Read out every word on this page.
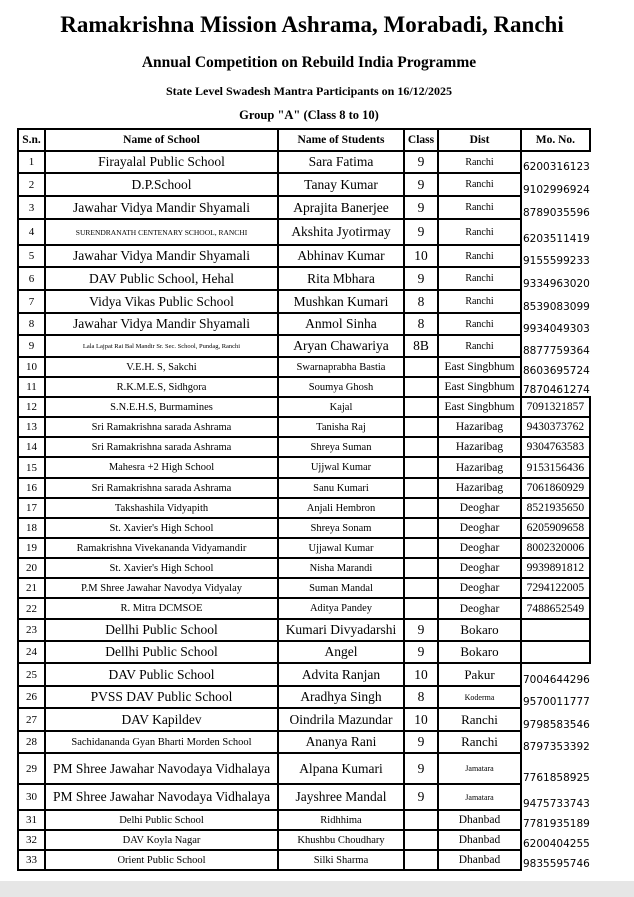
Ramakrishna Mission Ashrama, Morabadi, Ranchi
Annual Competition on Rebuild India Programme
State Level Swadesh Mantra Participants on 16/12/2025
Group "A" (Class 8 to 10)
S.n.	Name of School	Name of Students	Class	Dist	Mo. No.
1	Firayalal Public School	Sara Fatima	9	Ranchi	6200316123
2	D.P.School	Tanay Kumar	9	Ranchi	9102996924
3	Jawahar Vidya Mandir Shyamali	Aprajita Banerjee	9	Ranchi	8789035596
4	SURENDRANATH CENTENARY SCHOOL, RANCHI	Akshita Jyotirmay	9	Ranchi	6203511419
5	Jawahar Vidya Mandir Shyamali	Abhinav Kumar	10	Ranchi	9155599233
6	DAV Public School, Hehal	Rita Mbhara	9	Ranchi	9334963020
7	Vidya Vikas Public School	Mushkan Kumari	8	Ranchi	8539083099
8	Jawahar Vidya Mandir Shyamali	Anmol Sinha	8	Ranchi	9934049303
9	Lala Lajpat Rai Bal Mandir Sr. Sec. School, Pundag, Ranchi	Aryan Chawariya	8B	Ranchi	8877759364
10	V.E.H. S, Sakchi	Swarnaprabha Bastia		East Singbhum	8603695724
11	R.K.M.E.S, Sidhgora	Soumya Ghosh		East Singbhum	7870461274
12	S.N.E.H.S, Burmamines	Kajal		East Singbhum	7091321857
13	Sri Ramakrishna sarada Ashrama	Tanisha Raj		Hazaribag	9430373762
14	Sri Ramakrishna sarada Ashrama	Shreya Suman		Hazaribag	9304763583
15	Mahesra +2 High School	Ujjwal Kumar		Hazaribag	9153156436
16	Sri Ramakrishna sarada Ashrama	Sanu Kumari		Hazaribag	7061860929
17	Takshashila Vidyapith	Anjali Hembron		Deoghar	8521935650
18	St. Xavier's High School	Shreya Sonam		Deoghar	6205909658
19	Ramakrishna Vivekananda Vidyamandir	Ujjawal Kumar		Deoghar	8002320006
20	St. Xavier's High School	Nisha Marandi		Deoghar	9939891812
21	P.M Shree Jawahar Navodya Vidyalay	Suman Mandal		Deoghar	7294122005
22	R. Mitra DCMSOE	Aditya Pandey		Deoghar	7488652549
23	Dellhi Public School	Kumari Divyadarshi	9	Bokaro	
24	Dellhi Public School	Angel	9	Bokaro	
25	DAV Public School	Advita Ranjan	10	Pakur	7004644296
26	PVSS DAV Public School	Aradhya Singh	8	Koderma	9570011777
27	DAV Kapildev	Oindrila Mazundar	10	Ranchi	9798583546
28	Sachidananda Gyan Bharti Morden School	Ananya Rani	9	Ranchi	8797353392
29	PM Shree Jawahar Navodaya Vidhalaya	Alpana Kumari	9	Jamatara	7761858925
30	PM Shree Jawahar Navodaya Vidhalaya	Jayshree Mandal	9	Jamatara	9475733743
31	Delhi Public School	Ridhhima		Dhanbad	7781935189
32	DAV Koyla Nagar	Khushbu Choudhary		Dhanbad	6200404255
33	Orient Public School	Silki Sharma		Dhanbad	9835595746
